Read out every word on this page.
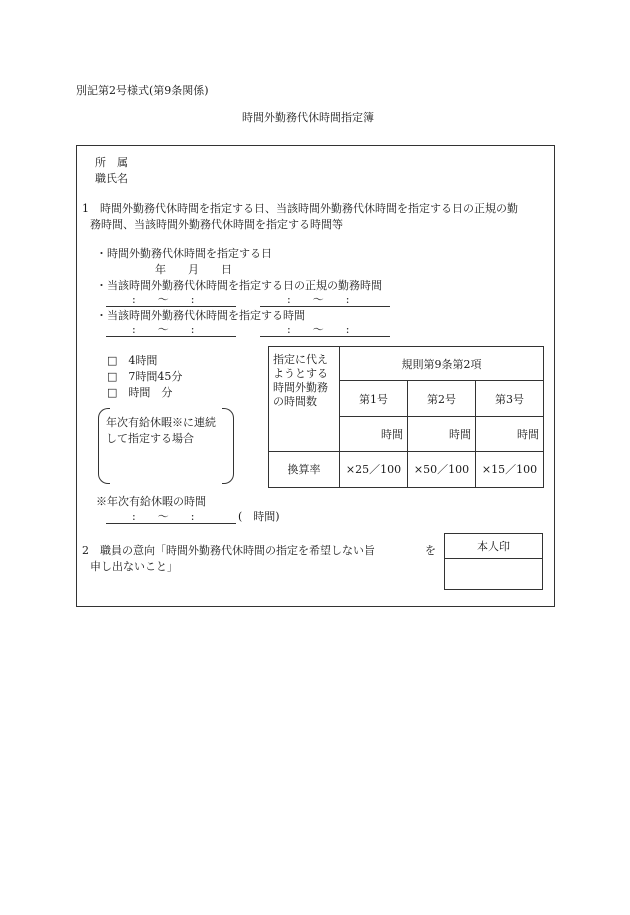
別記第2号様式(第9条関係)
時間外勤務代休時間指定簿
所　属
職氏名
1　時間外勤務代休時間を指定する日、当該時間外勤務代休時間を指定する日の正規の勤
務時間、当該時間外勤務代休時間を指定する時間等
・時間外勤務代休時間を指定する日
年　　月　　日
・当該時間外勤務代休時間を指定する日の正規の勤務時間
:　　〜　　:	:　　〜　　:
・当該時間外勤務代休時間を指定する時間
:　　〜　　:	:　　〜　　:
□　 4時間
□　 7時間45分
□　 時間　分
年次有給休暇※に連続
して指定する場合
指定に代え
ようとする
時間外勤務
の時間数	規則第9条第2項		
	第1号	第2号	第3号
	時間	時間	時間
換算率	×25／100	×50／100	×15／100
※年次有給休暇の時間
:　　〜　　:	(　時間)
2　職員の意向「時間外勤務代休時間の指定を希望しない旨	を
申し出ないこと」
本人印
